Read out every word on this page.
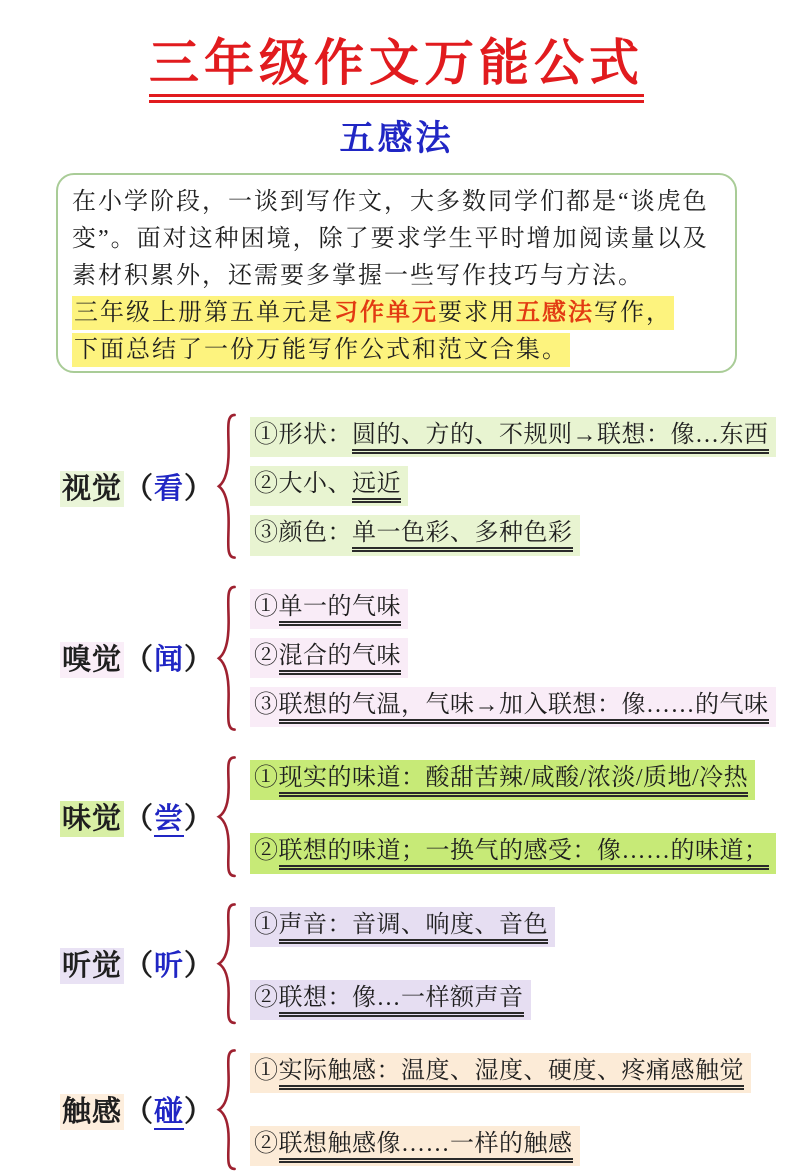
三年级作文万能公式
五感法
在小学阶段，一谈到写作文，大多数同学们都是“谈虎色变”。面对这种困境，除了要求学生平时增加阅读量以及素材积累外，还需要多掌握一些写作技巧与方法。
三年级上册第五单元是习作单元要求用五感法写作，
下面总结了一份万能写作公式和范文合集。
视觉（看）
①形状：圆的、方的、不规则→联想：像…东西
②大小、远近
③颜色：单一色彩、多种色彩
嗅觉（闻）
①单一的气味
②混合的气味
③联想的气温，气味→加入联想：像……的气味
味觉（尝）
①现实的味道：酸甜苦辣/咸酸/浓淡/质地/冷热
②联想的味道；一换气的感受：像……的味道；
听觉（听）
①声音：音调、响度、音色
②联想：像…一样额声音
触感（碰）
①实际触感：温度、湿度、硬度、疼痛感触觉
②联想触感像……一样的触感
